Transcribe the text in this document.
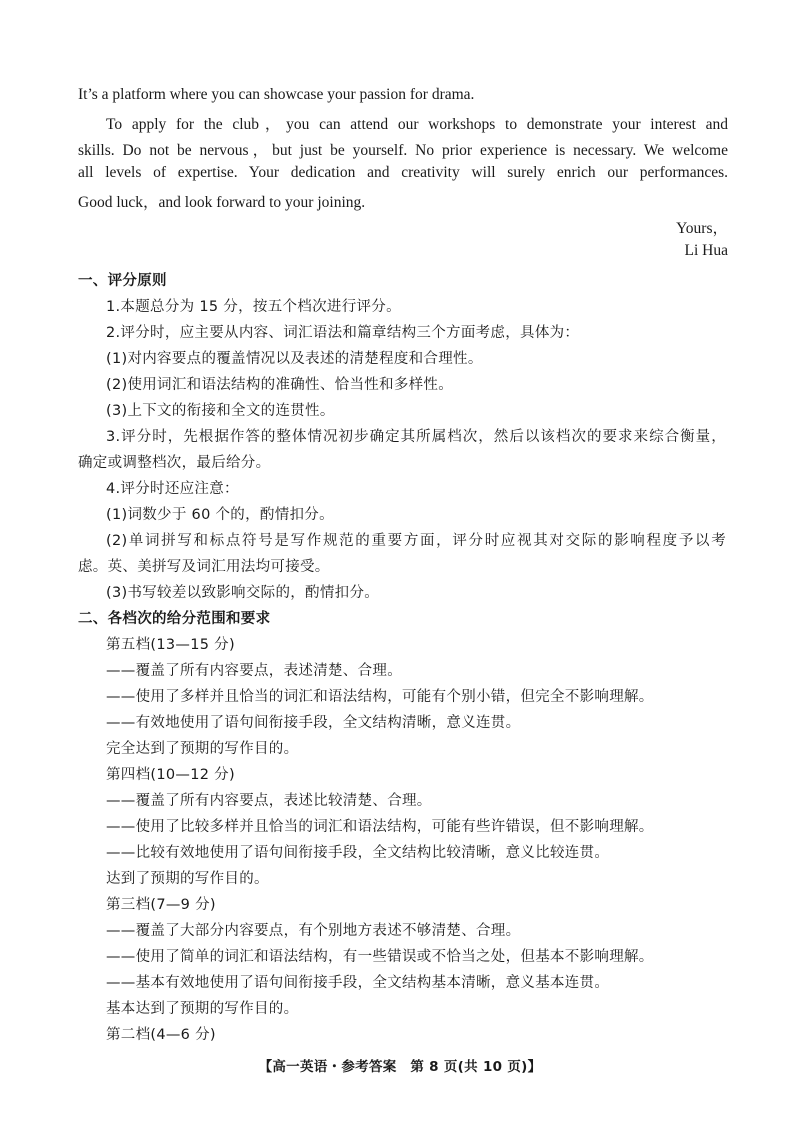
It’s a platform where you can showcase your passion for drama.
To apply for the club，you can attend our workshops to demonstrate your interest and
skills. Do not be nervous，but just be yourself. No prior experience is necessary. We welcome
all levels of expertise. Your dedication and creativity will surely enrich our performances.
Good luck，and look forward to your joining.
Yours，
Li Hua
一、评分原则
1.本题总分为 15 分，按五个档次进行评分。
2.评分时，应主要从内容、词汇语法和篇章结构三个方面考虑，具体为：
(1)对内容要点的覆盖情况以及表述的清楚程度和合理性。
(2)使用词汇和语法结构的准确性、恰当性和多样性。
(3)上下文的衔接和全文的连贯性。
3.评分时，先根据作答的整体情况初步确定其所属档次，然后以该档次的要求来综合衡量，
确定或调整档次，最后给分。
4.评分时还应注意：
(1)词数少于 60 个的，酌情扣分。
(2)单词拼写和标点符号是写作规范的重要方面，评分时应视其对交际的影响程度予以考
虑。英、美拼写及词汇用法均可接受。
(3)书写较差以致影响交际的，酌情扣分。
二、各档次的给分范围和要求
第五档(13—15 分)
——覆盖了所有内容要点，表述清楚、合理。
——使用了多样并且恰当的词汇和语法结构，可能有个别小错，但完全不影响理解。
——有效地使用了语句间衔接手段，全文结构清晰，意义连贯。
完全达到了预期的写作目的。
第四档(10—12 分)
——覆盖了所有内容要点，表述比较清楚、合理。
——使用了比较多样并且恰当的词汇和语法结构，可能有些许错误，但不影响理解。
——比较有效地使用了语句间衔接手段，全文结构比较清晰，意义比较连贯。
达到了预期的写作目的。
第三档(7—9 分)
——覆盖了大部分内容要点，有个别地方表述不够清楚、合理。
——使用了简单的词汇和语法结构，有一些错误或不恰当之处，但基本不影响理解。
——基本有效地使用了语句间衔接手段，全文结构基本清晰，意义基本连贯。
基本达到了预期的写作目的。
第二档(4—6 分)
【高一英语・参考答案　第 8 页(共 10 页)】
